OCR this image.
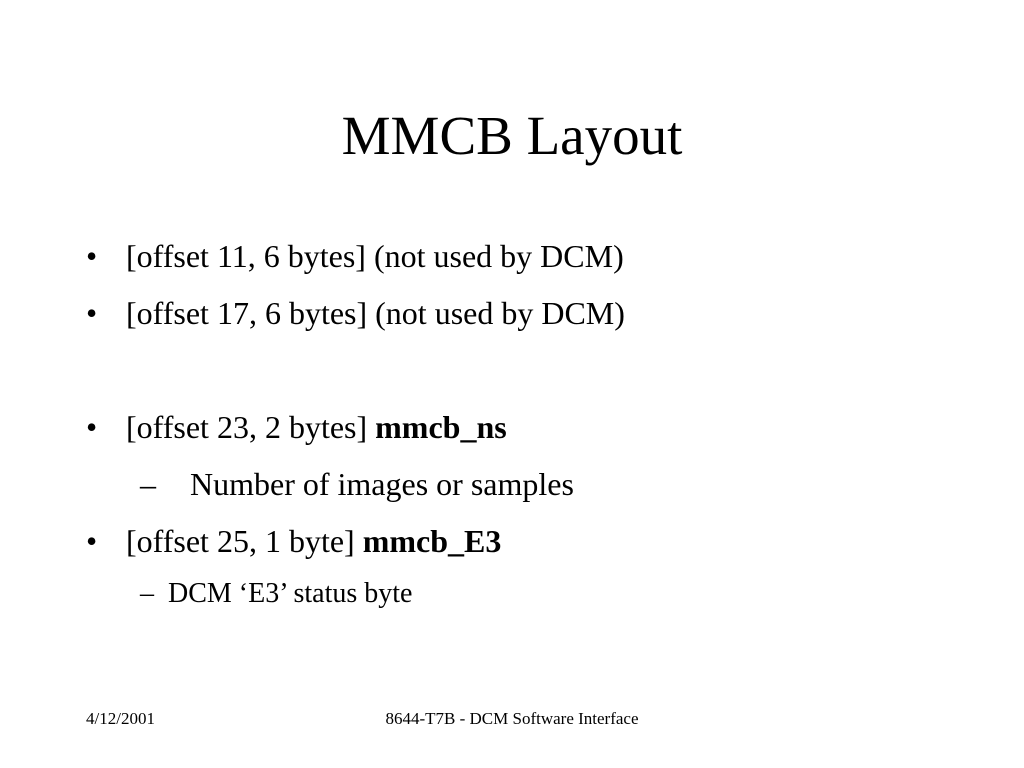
MMCB Layout
• [offset 11, 6 bytes] (not used by DCM)
• [offset 17, 6 bytes] (not used by DCM)
• [offset 23, 2 bytes] mmcb_ns
– Number of images or samples
• [offset 25, 1 byte] mmcb_E3
– DCM ‘E3’ status byte
4/12/2001	8644-T7B - DCM Software Interface
